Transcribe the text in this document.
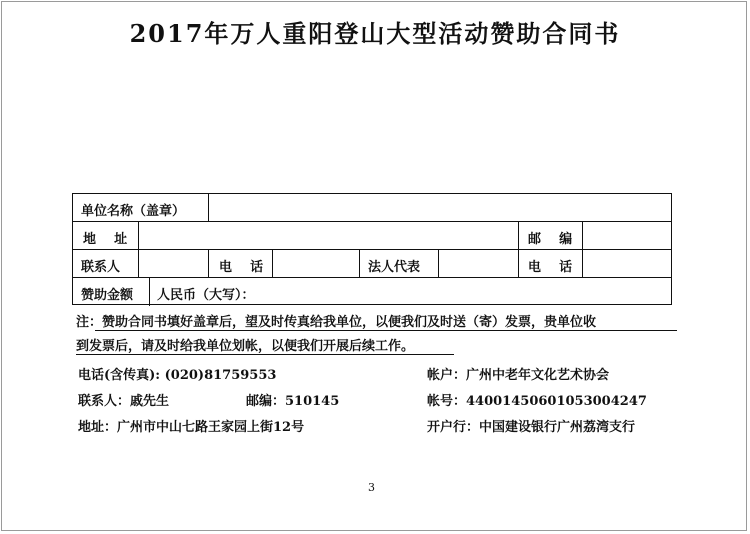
2017年万人重阳登山大型活动赞助合同书
单位名称（盖章）
地    址	邮    编
联系人	电    话	法人代表	电    话
赞助金额 人民币（大写）：
注：赞助合同书填好盖章后，望及时传真给我单位，以便我们及时送（寄）发票，贵单位收
到发票后，请及时给我单位划帐，以便我们开展后续工作。
电话(含传真): (020)81759553
联系人：戚先生	邮编：510145
地址：广州市中山七路王家园上街12号
帐户：广州中老年文化艺术协会
帐号：44001450601053004247
开户行：中国建设银行广州荔湾支行
3
